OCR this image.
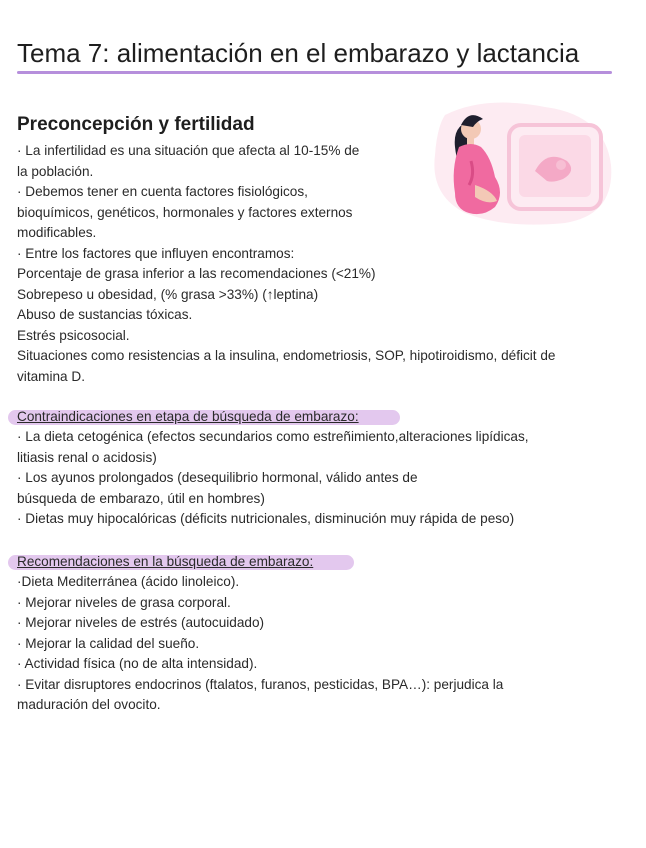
Tema 7: alimentación en el embarazo y lactancia
Preconcepción y fertilidad
· La infertilidad es una situación que afecta al 10-15% de
la población.
· Debemos tener en cuenta factores fisiológicos,
bioquímicos, genéticos, hormonales y factores externos
modificables.
· Entre los factores que influyen encontramos:
Porcentaje de grasa inferior a las recomendaciones (<21%)
Sobrepeso u obesidad, (% grasa >33%) (↑leptina)
Abuso de sustancias tóxicas.
Estrés psicosocial.
Situaciones como resistencias a la insulina, endometriosis, SOP, hipotiroidismo, déficit de
vitamina D.
Contraindicaciones en etapa de búsqueda de embarazo:
· La dieta cetogénica (efectos secundarios como estreñimiento,alteraciones lipídicas,
litiasis renal o acidosis)
· Los ayunos prolongados (desequilibrio hormonal, válido antes de
búsqueda de embarazo, útil en hombres)
· Dietas muy hipocalóricas (déficits nutricionales, disminución muy rápida de peso)
Recomendaciones en la búsqueda de embarazo:
·Dieta Mediterránea (ácido linoleico).
· Mejorar niveles de grasa corporal.
· Mejorar niveles de estrés (autocuidado)
· Mejorar la calidad del sueño.
· Actividad física (no de alta intensidad).
· Evitar disruptores endocrinos (ftalatos, furanos, pesticidas, BPA…): perjudica la
maduración del ovocito.
